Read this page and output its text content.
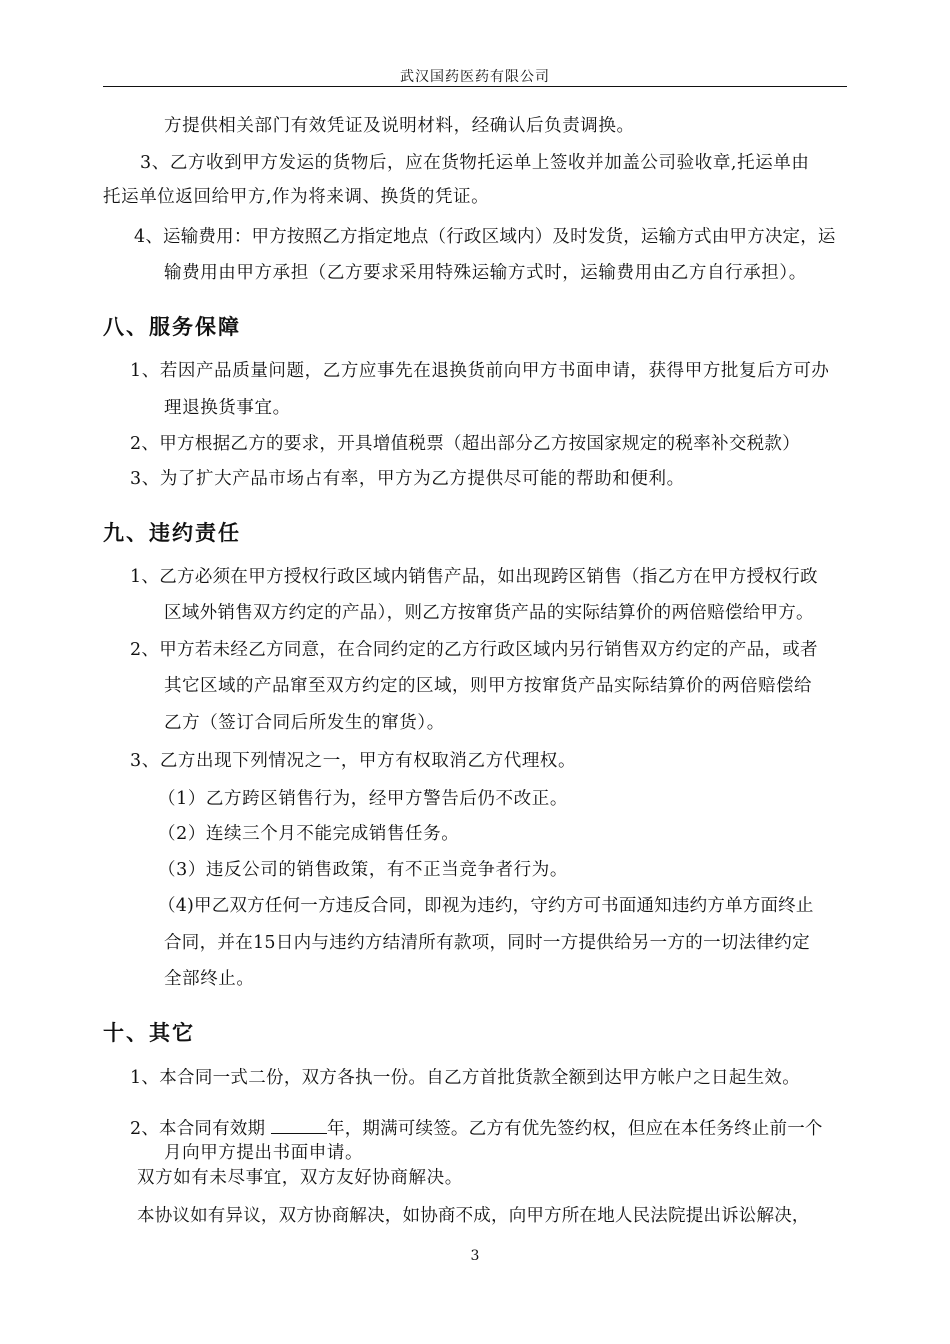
武汉国药医药有限公司
方提供相关部门有效凭证及说明材料，经确认后负责调换。
3、乙方收到甲方发运的货物后，应在货物托运单上签收并加盖公司验收章,托运单由
托运单位返回给甲方,作为将来调、换货的凭证。
4、运输费用：甲方按照乙方指定地点（行政区域内）及时发货，运输方式由甲方决定，运
输费用由甲方承担（乙方要求采用特殊运输方式时，运输费用由乙方自行承担）。
八、服务保障
1、若因产品质量问题，乙方应事先在退换货前向甲方书面申请，获得甲方批复后方可办
理退换货事宜。
2、甲方根据乙方的要求，开具增值税票（超出部分乙方按国家规定的税率补交税款）
3、为了扩大产品市场占有率，甲方为乙方提供尽可能的帮助和便利。
九、违约责任
1、乙方必须在甲方授权行政区域内销售产品，如出现跨区销售（指乙方在甲方授权行政
区域外销售双方约定的产品），则乙方按窜货产品的实际结算价的两倍赔偿给甲方。
2、甲方若未经乙方同意，在合同约定的乙方行政区域内另行销售双方约定的产品，或者
其它区域的产品窜至双方约定的区域，则甲方按窜货产品实际结算价的两倍赔偿给
乙方（签订合同后所发生的窜货）。
3、乙方出现下列情况之一，甲方有权取消乙方代理权。
（1）乙方跨区销售行为，经甲方警告后仍不改正。
（2）连续三个月不能完成销售任务。
（3）违反公司的销售政策，有不正当竞争者行为。
（4)甲乙双方任何一方违反合同，即视为违约，守约方可书面通知违约方单方面终止
合同，并在15日内与违约方结清所有款项，同时一方提供给另一方的一切法律约定
全部终止。
十、其它
1、本合同一式二份，双方各执一份。自乙方首批货款全额到达甲方帐户之日起生效。
2、本合同有效期	年，期满可续签。乙方有优先签约权，但应在本任务终止前一个
月向甲方提出书面申请。
双方如有未尽事宜，双方友好协商解决。
本协议如有异议，双方协商解决，如协商不成，向甲方所在地人民法院提出诉讼解决，
3
